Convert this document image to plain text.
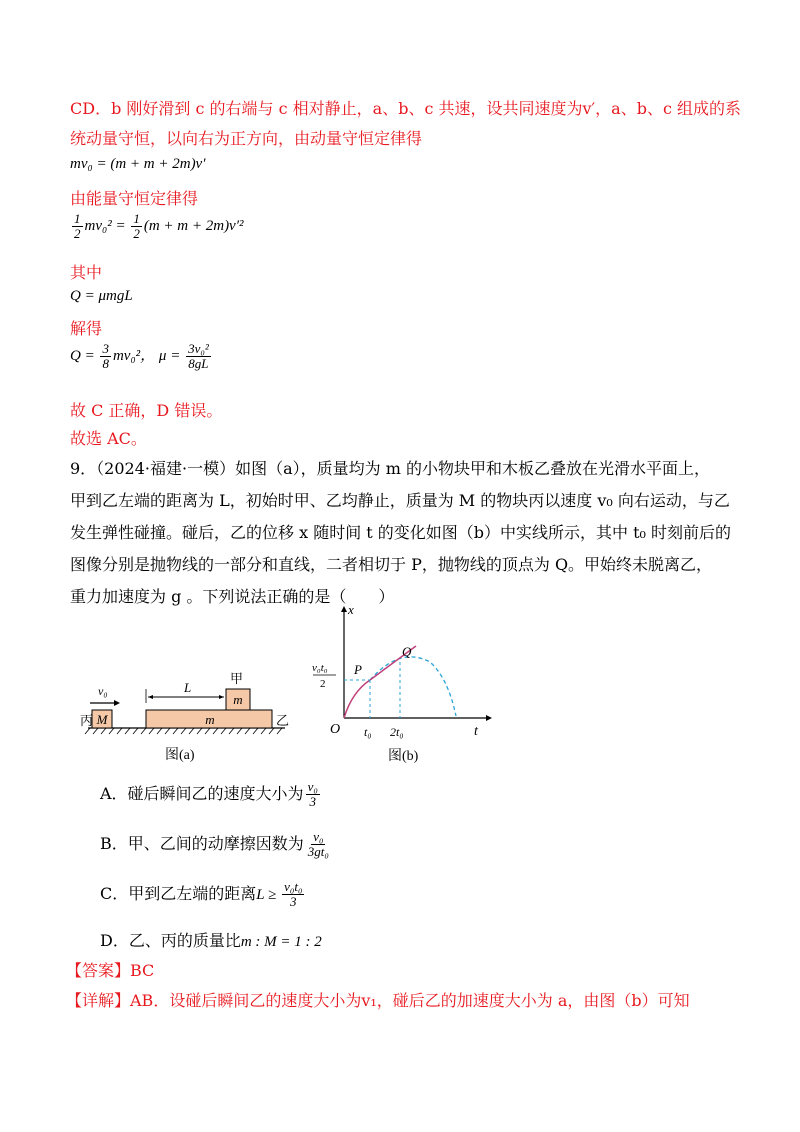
CD．b 刚好滑到 c 的右端与 c 相对静止，a、b、c 共速，设共同速度为v′，a、b、c 组成的系
统动量守恒，以向右为正方向，由动量守恒定律得
mv₀ = (m + m + 2m)v′
由能量守恒定律得
$\frac{1}{2} mv_0^2 = \frac{1}{2} (m + m + 2m)v'^2$
其中
Q = μmgL
解得
$Q = \frac{3}{8} mv_0^2$， $\mu = \frac{\text{3v₀²}}{8gL}$
故 C 正确，D 错误。
故选 AC。
9．（2024·福建·一模）如图（a），质量均为 m 的小物块甲和木板乙叠放在光滑水平面上，
甲到乙左端的距离为 L，初始时甲、乙均静止，质量为 M 的物块丙以速度 v₀ 向右运动，与乙
发生弹性碰撞。碰后，乙的位移 x 随时间 t 的变化如图（b）中实线所示，其中 t₀ 时刻前后的
图像分别是抛物线的一部分和直线，二者相切于 P，抛物线的顶点为 Q。甲始终未脱离乙，
重力加速度为 g 。下列说法正确的是（　　）
M
丙
v₀
m	乙
m
甲
L
图(a)
x
t
O
P
Q
v₀t₀
2
t₀ 2t₀
图(b)
A．碰后瞬间乙的速度大小为 $\frac{\text{v₀}}{3}$
B．甲、乙间的动摩擦因数为 $\frac{\text{v₀}}{\text{3gt₀}}$
C．甲到乙左端的距离$L \ge \frac{\text{v₀t₀}}{3}$
D．乙、丙的质量比m : M = 1 : 2
【答案】BC
【详解】AB．设碰后瞬间乙的速度大小为v₁，碰后乙的加速度大小为 a，由图（b）可知
